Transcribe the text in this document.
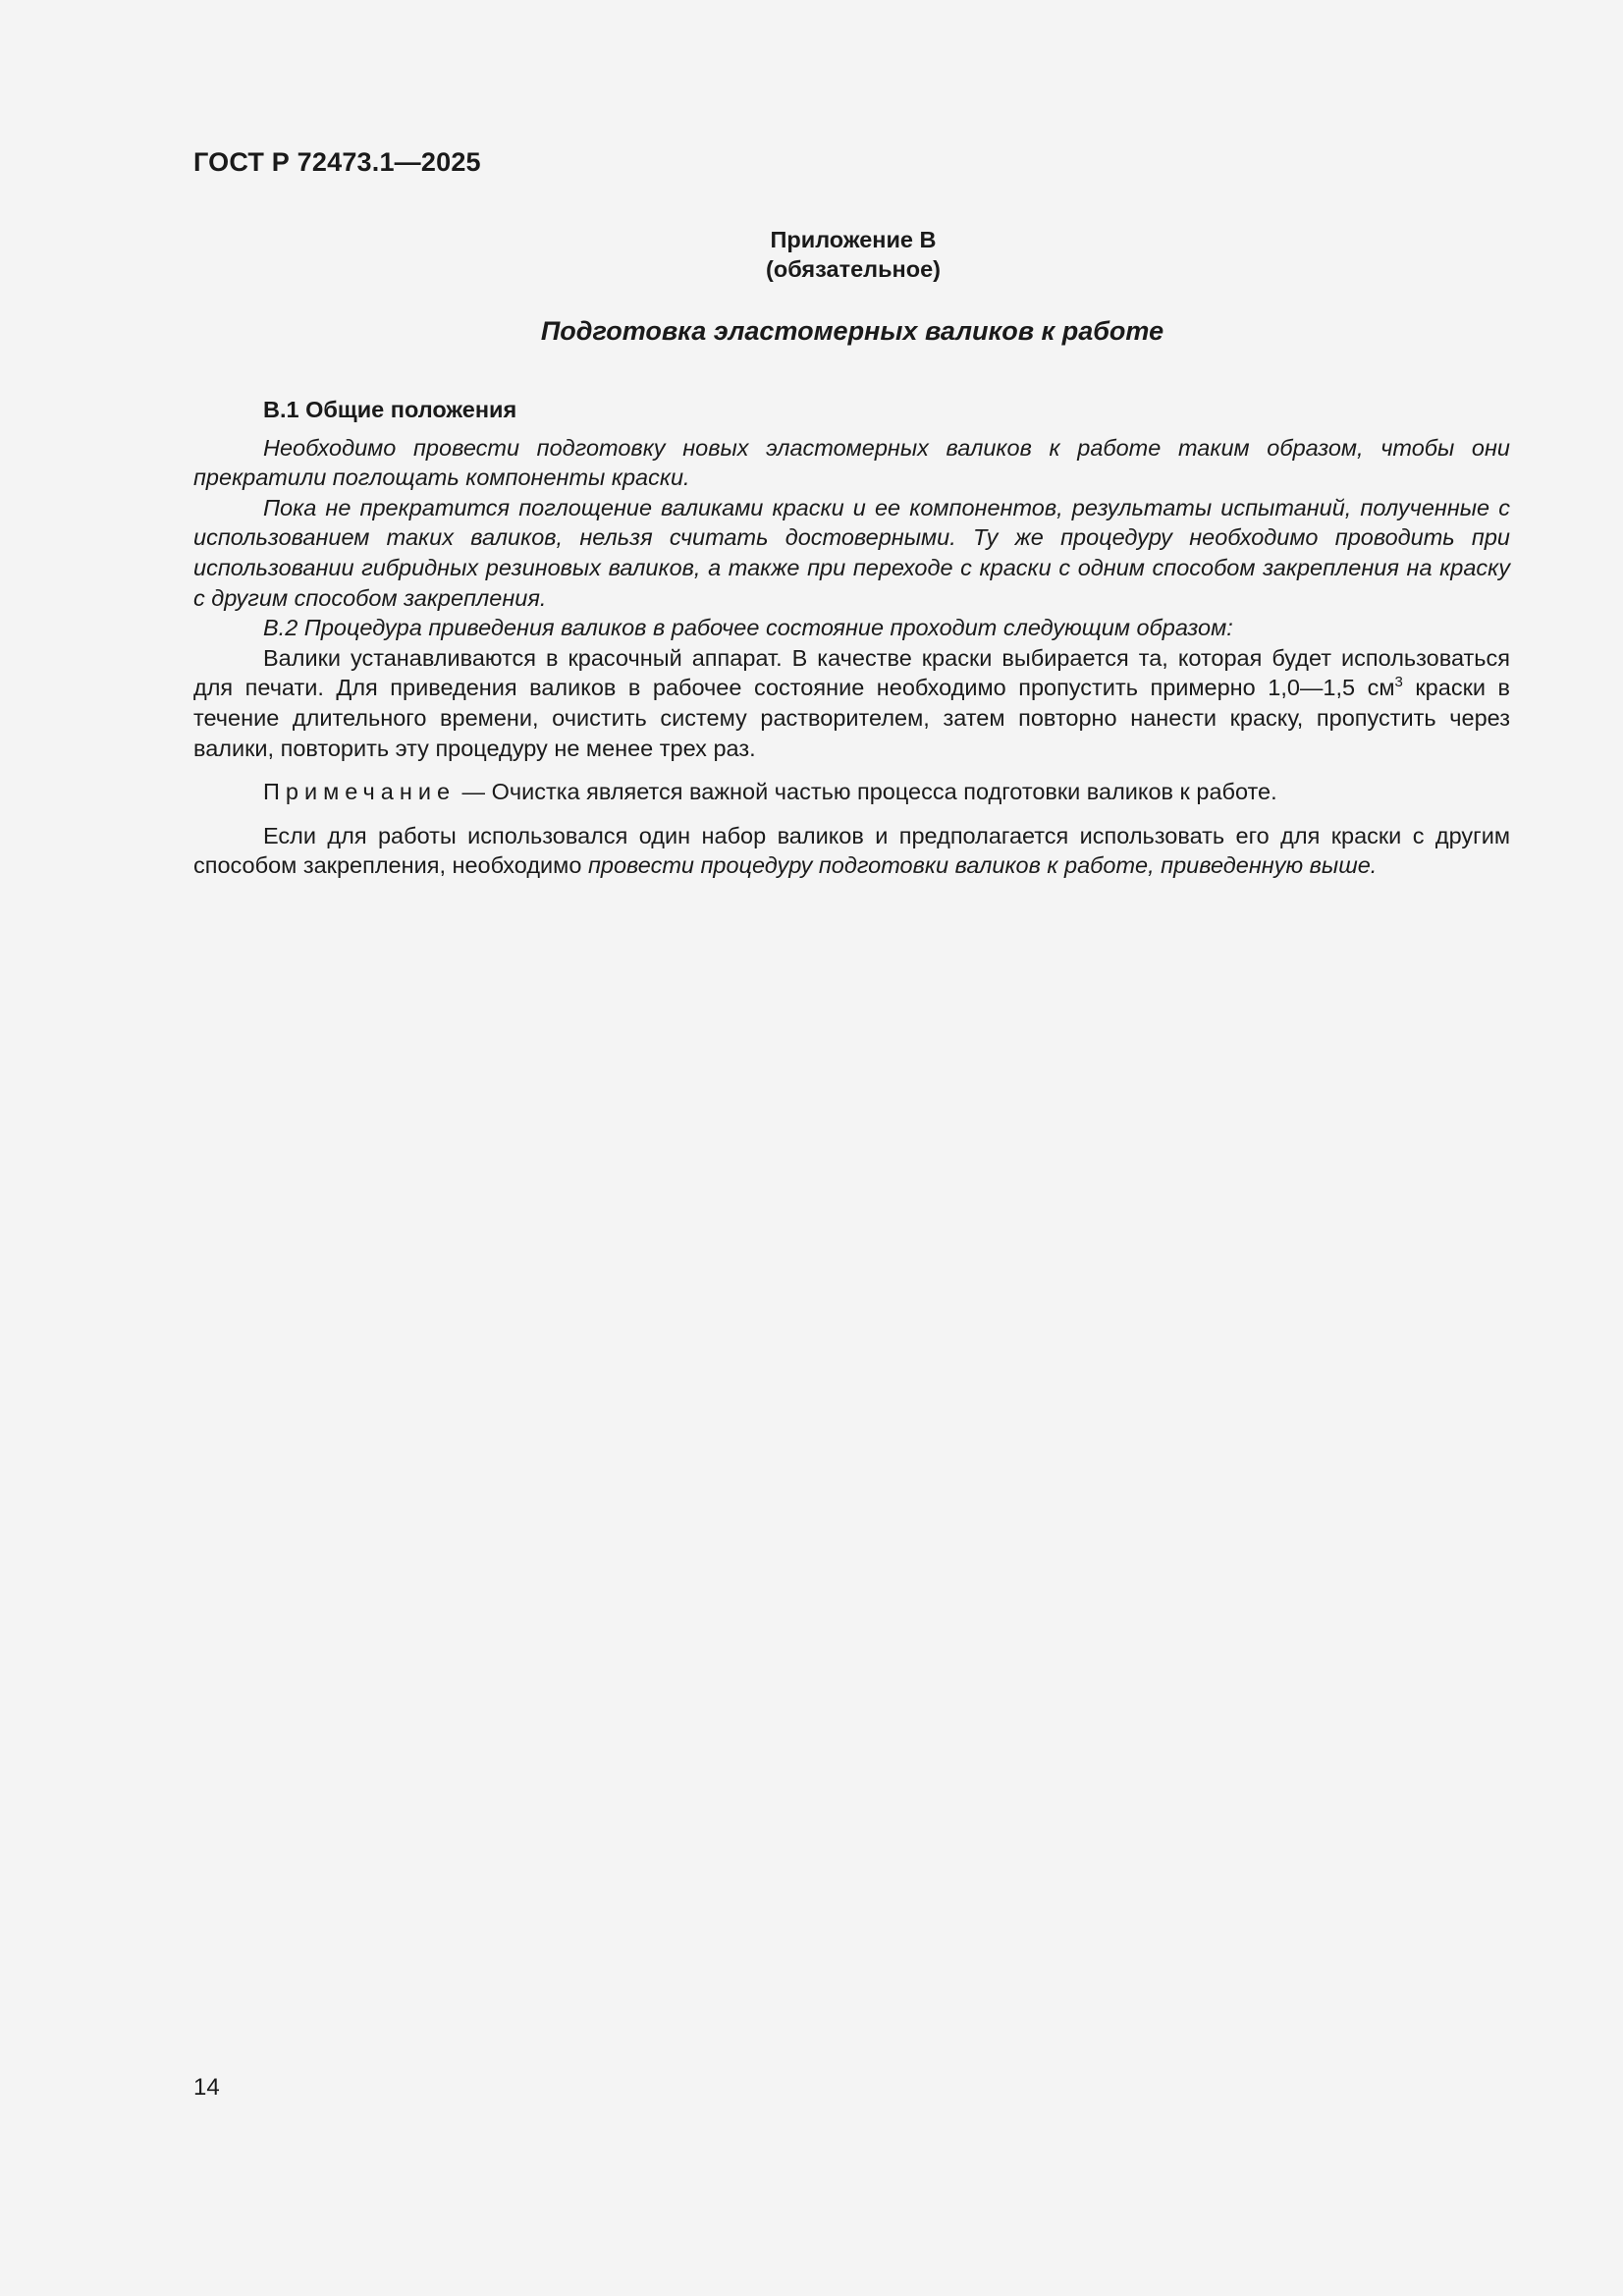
ГОСТ Р 72473.1—2025
Приложение В
(обязательное)
Подготовка эластомерных валиков к работе

В.1 Общие положения

Необходимо провести подготовку новых эластомерных валиков к работе таким образом, чтобы они прекратили поглощать компоненты краски.

Пока не прекратится поглощение валиками краски и ее компонентов, результаты испытаний, полученные с использованием таких валиков, нельзя считать достоверными. Ту же процедуру необходимо проводить при использовании гибридных резиновых валиков, а также при переходе с краски с одним способом закрепления на краску с другим способом закрепления.

В.2 Процедура приведения валиков в рабочее состояние проходит следующим образом:

Валики устанавливаются в красочный аппарат. В качестве краски выбирается та, которая будет использоваться для печати. Для приведения валиков в рабочее состояние необходимо пропустить примерно 1,0—1,5 $см^3$ краски в течение длительного времени, очистить систему растворителем, затем повторно нанести краску, пропустить через валики, повторить эту процедуру не менее трех раз.

Примечание — Очистка является важной частью процесса подготовки валиков к работе.

Если для работы использовался один набор валиков и предполагается использовать его для краски с другим способом закрепления, необходимо провести процедуру подготовки валиков к работе, приведенную выше.

14
